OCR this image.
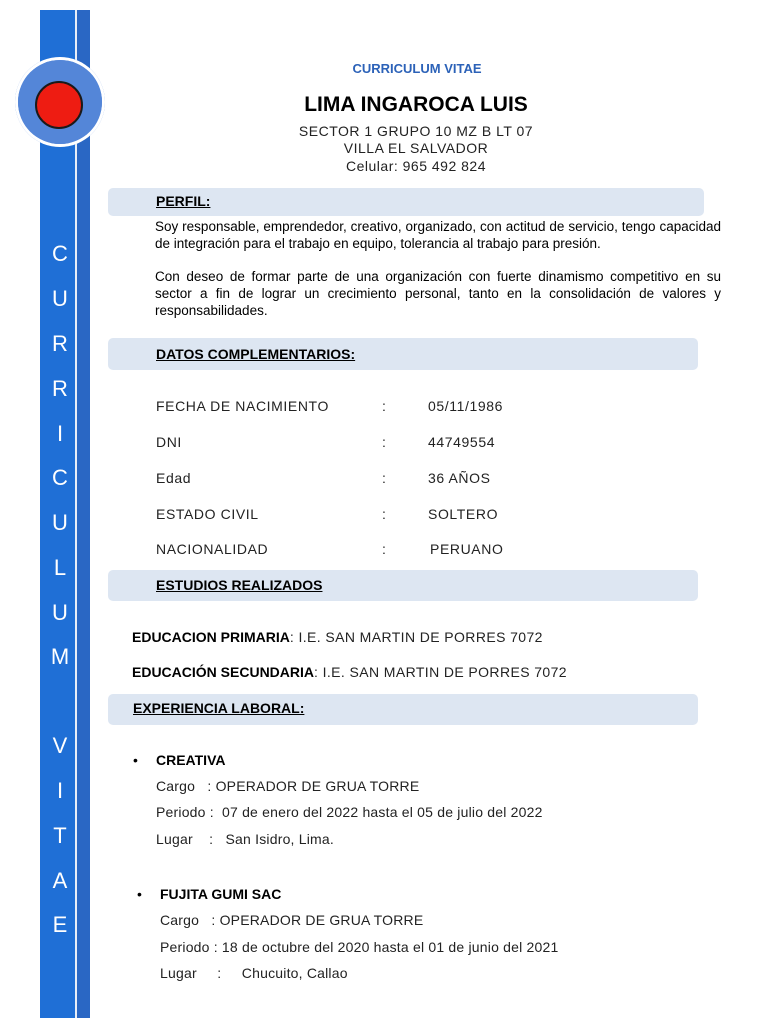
C
U
R
R
I
C
U
L
U
M
V
I
T
A
E
CURRICULUM VITAE
LIMA INGAROCA LUIS
SECTOR 1 GRUPO 10 MZ B LT 07
VILLA EL SALVADOR
Celular: 965 492 824
PERFIL:
Soy responsable, emprendedor, creativo, organizado, con actitud de servicio, tengo capacidad de integración para el trabajo en equipo, tolerancia al trabajo para presión.
Con deseo de formar parte de una organización con fuerte dinamismo competitivo en su sector a fin de lograr un crecimiento personal, tanto en la consolidación de valores y responsabilidades.
DATOS COMPLEMENTARIOS:
FECHA DE NACIMIENTO	:	05/11/1986
DNI	:	44749554
Edad	:	36 AÑOS
ESTADO CIVIL	:	SOLTERO
NACIONALIDAD	:	PERUANO
ESTUDIOS REALIZADOS
EDUCACION PRIMARIA: I.E. SAN MARTIN DE PORRES 7072
EDUCACIÓN SECUNDARIA: I.E. SAN MARTIN DE PORRES 7072
EXPERIENCIA LABORAL:
• CREATIVA
Cargo   : OPERADOR DE GRUA TORRE
Periodo :  07 de enero del 2022 hasta el 05 de julio del 2022
Lugar    :   San Isidro, Lima.
• FUJITA GUMI SAC
Cargo   : OPERADOR DE GRUA TORRE
Periodo : 18 de octubre del 2020 hasta el 01 de junio del 2021
Lugar     :     Chucuito, Callao
